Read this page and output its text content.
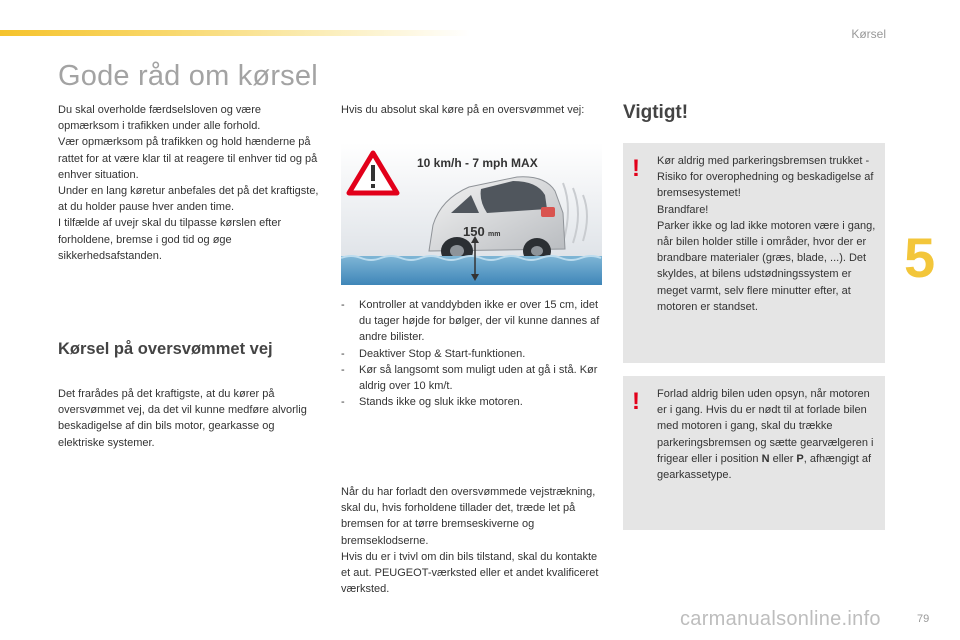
Kørsel
Gode råd om kørsel

Du skal overholde færdselsloven og være opmærksom i trafikken under alle forhold.

Vær opmærksom på trafikken og hold hænderne på rattet for at være klar til at reagere til enhver tid og på enhver situation.

Under en lang køretur anbefales det på det kraftigste, at du holder pause hver anden time.

I tilfælde af uvejr skal du tilpasse kørslen efter forholdene, bremse i god tid og øge sikkerhedsafstanden.

Kørsel på oversvømmet vej

Det frarådes på det kraftigste, at du kører på oversvømmet vej, da det vil kunne medføre alvorlig beskadigelse af din bils motor, gearkasse og elektriske systemer.

Hvis du absolut skal køre på en oversvømmet vej:

10 km/h - 7 mph MAX
150 mm
-	Kontroller at vanddybden ikke er over 15 cm, idet du tager højde for bølger, der vil kunne dannes af andre bilister.
-	Deaktiver Stop & Start-funktionen.
-	Kør så langsomt som muligt uden at gå i stå. Kør aldrig over 10 km/t.
-	Stands ikke og sluk ikke motoren.

Når du har forladt den oversvømmede vejstrækning, skal du, hvis forholdene tillader det, træde let på bremsen for at tørre bremseskiverne og bremseklodserne.

Hvis du er i tvivl om din bils tilstand, skal du kontakte et aut. PEUGEOT-værksted eller et andet kvalificeret værksted.

Vigtigt!
! Kør aldrig med parkeringsbremsen trukket - Risiko for overophedning og beskadigelse af bremsesystemet!

Brandfare!

Parker ikke og lad ikke motoren være i gang, når bilen holder stille i områder, hvor der er brandbare materialer (græs, blade, ...). Det skyldes, at bilens udstødningssystem er meget varmt, selv flere minutter efter, at motoren er standset.

! Forlad aldrig bilen uden opsyn, når motoren er i gang. Hvis du er nødt til at forlade bilen med motoren i gang, skal du trække parkeringsbremsen og sætte gearvælgeren i frigear eller i position N eller P, afhængigt af gearkassetype.

5
carmanualsonline.info	79
